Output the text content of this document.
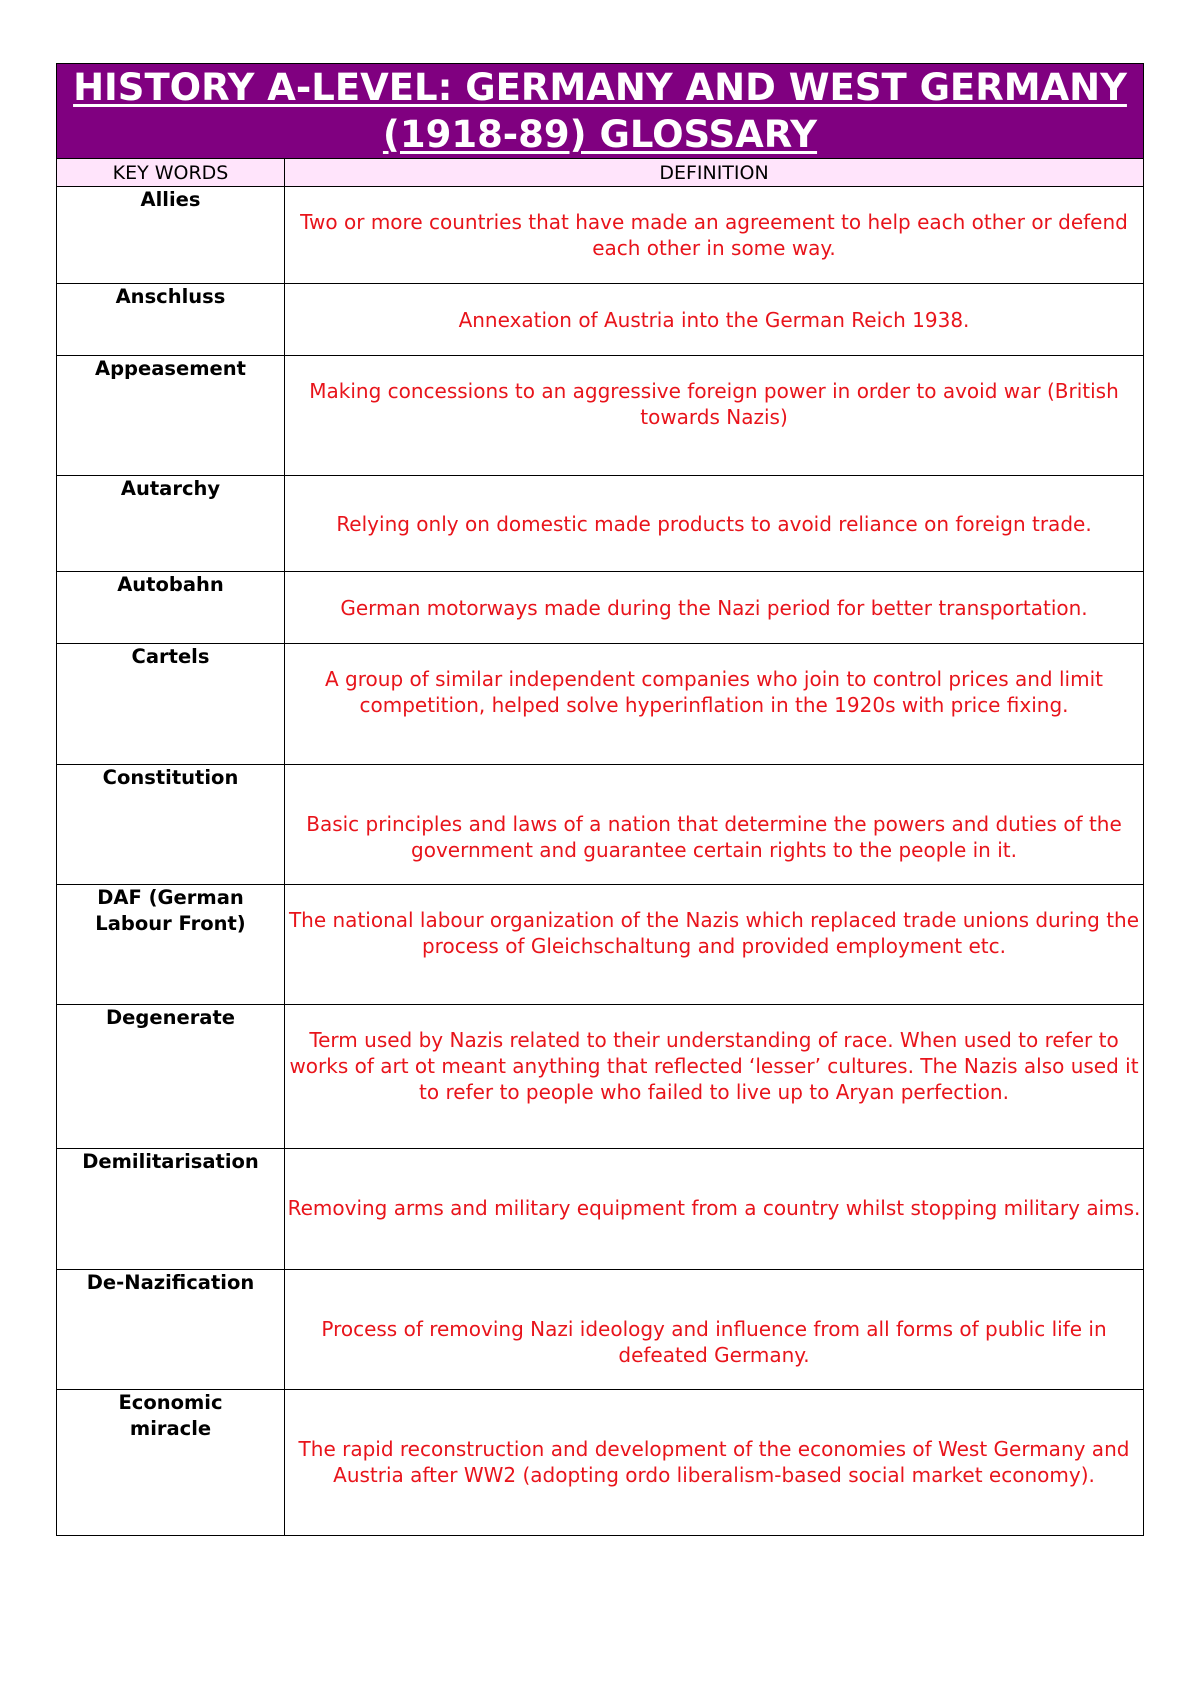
HISTORY A-LEVEL: GERMANY AND WEST GERMANY (1918-89) GLOSSARY	

KEY WORDS	DEFINITION

Allies	Two or more countries that have made an agreement to help each other or defend each other in some way.

Anschluss	Annexation of Austria into the German Reich 1938.

Appeasement	Making concessions to an aggressive foreign power in order to avoid war (British towards Nazis)

Autarchy	Relying only on domestic made products to avoid reliance on foreign trade.

Autobahn	German motorways made during the Nazi period for better transportation.

Cartels	A group of similar independent companies who join to control prices and limit competition, helped solve hyperinflation in the 1920s with price fixing.

Constitution	Basic principles and laws of a nation that determine the powers and duties of the government and guarantee certain rights to the people in it.

DAF (German Labour Front)	The national labour organization of the Nazis which replaced trade unions during the process of Gleichschaltung and provided employment etc.

Degenerate	Term used by Nazis related to their understanding of race. When used to refer to works of art ot meant anything that reflected ‘lesser’ cultures. The Nazis also used it to refer to people who failed to live up to Aryan perfection.

Demilitarisation	Removing arms and military equipment from a country whilst stopping military aims.

De-Nazification	Process of removing Nazi ideology and influence from all forms of public life in defeated Germany.

Economic miracle	The rapid reconstruction and development of the economies of West Germany and Austria after WW2 (adopting ordo liberalism-based social market economy).
